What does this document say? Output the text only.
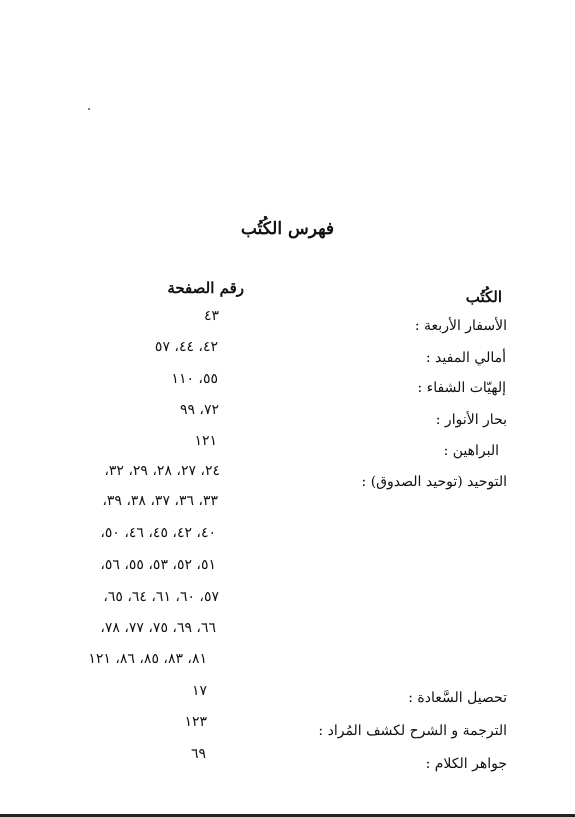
فهرس الكُتُب
الكُتُب
رقم الصفحة
الأسفار الأربعة :
أمالي المفيد :
إلهيّات الشفاء :
بحار الأنوار :
البراهين :
التوحيد (توحيد الصدوق) :
تحصيل السَّعادة :
الترجمة و الشرح لكشف المُراد :
جواهر الكلام :
٤٣
٤٢، ٤٤، ٥٧
٥٥، ١١٠
٧٢، ٩٩
١٢١
٢٤، ٢٧، ٢٨، ٢٩، ٣٢،
٣٣، ٣٦، ٣٧، ٣٨، ٣٩،
٤٠، ٤٢، ٤٥، ٤٦، ٥٠،
٥١، ٥٢، ٥٣، ٥٥، ٥٦،
٥٧، ٦٠، ٦١، ٦٤، ٦٥،
٦٦، ٦٩، ٧٥، ٧٧، ٧٨،
٨١، ٨٣، ٨٥، ٨٦، ١٢١
١٧
١٢٣
٦٩
